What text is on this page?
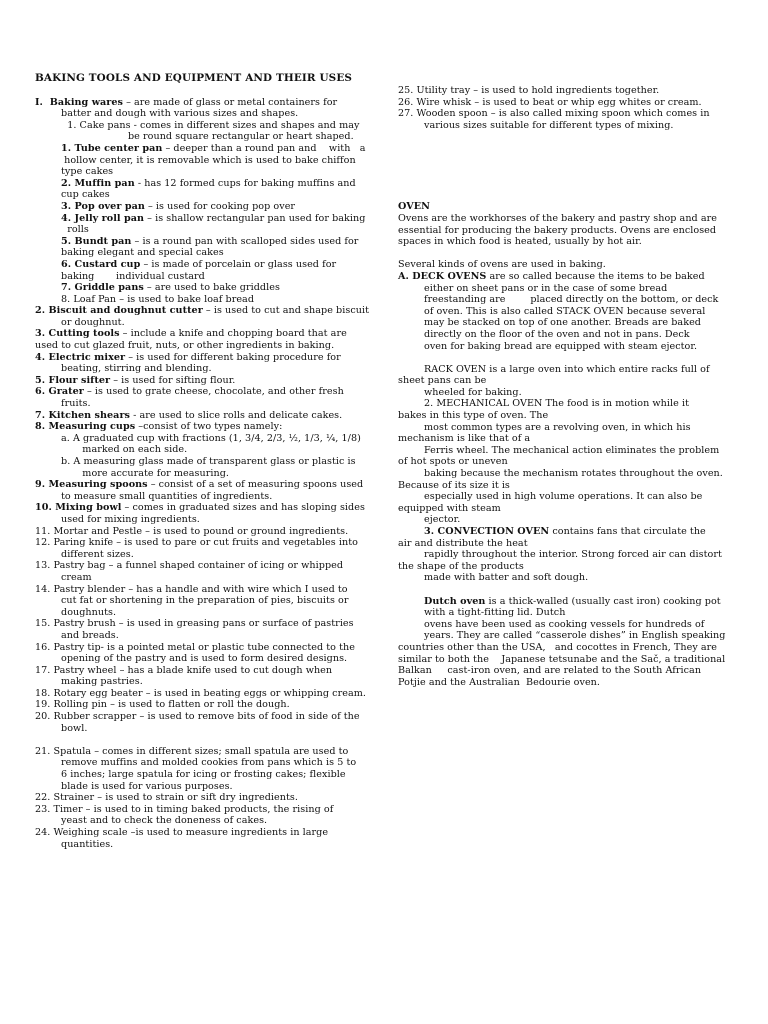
BAKING TOOLS AND EQUIPMENT AND THEIR USES
I.  Baking wares – are made of glass or metal containers for
batter and dough with various sizes and shapes.
1. Cake pans - comes in different sizes and shapes and may
be round square rectangular or heart shaped.
1. Tube center pan – deeper than a round pan and    with   a
hollow center, it is removable which is used to bake chiffon
type cakes
2. Muffin pan - has 12 formed cups for baking muffins and
cup cakes
3. Pop over pan – is used for cooking pop over
4. Jelly roll pan – is shallow rectangular pan used for baking
rolls
5. Bundt pan – is a round pan with scalloped sides used for
baking elegant and special cakes
6. Custard cup – is made of porcelain or glass used for
baking       individual custard
7. Griddle pans – are used to bake griddles
8. Loaf Pan – is used to bake loaf bread
2. Biscuit and doughnut cutter – is used to cut and shape biscuit
or doughnut.
3. Cutting tools – include a knife and chopping board that are
used to cut glazed fruit, nuts, or other ingredients in baking.
4. Electric mixer – is used for different baking procedure for
beating, stirring and blending.
5. Flour sifter – is used for sifting flour.
6. Grater – is used to grate cheese, chocolate, and other fresh
fruits.
7. Kitchen shears - are used to slice rolls and delicate cakes.
8. Measuring cups –consist of two types namely:
a. A graduated cup with fractions (1, 3/4, 2/3, ½, 1/3, ¼, 1/8)
marked on each side.
b. A measuring glass made of transparent glass or plastic is
more accurate for measuring.
9. Measuring spoons – consist of a set of measuring spoons used
to measure small quantities of ingredients.
10. Mixing bowl – comes in graduated sizes and has sloping sides
used for mixing ingredients.
11. Mortar and Pestle – is used to pound or ground ingredients.
12. Paring knife – is used to pare or cut fruits and vegetables into
different sizes.
13. Pastry bag – a funnel shaped container of icing or whipped
cream
14. Pastry blender – has a handle and with wire which I used to
cut fat or shortening in the preparation of pies, biscuits or
doughnuts.
15. Pastry brush – is used in greasing pans or surface of pastries
and breads.
16. Pastry tip- is a pointed metal or plastic tube connected to the
opening of the pastry and is used to form desired designs.
17. Pastry wheel – has a blade knife used to cut dough when
making pastries.
18. Rotary egg beater – is used in beating eggs or whipping cream.
19. Rolling pin – is used to flatten or roll the dough.
20. Rubber scrapper – is used to remove bits of food in side of the
bowl.
21. Spatula – comes in different sizes; small spatula are used to
remove muffins and molded cookies from pans which is 5 to
6 inches; large spatula for icing or frosting cakes; flexible
blade is used for various purposes.
22. Strainer – is used to strain or sift dry ingredients.
23. Timer – is used to in timing baked products, the rising of
yeast and to check the doneness of cakes.
24. Weighing scale –is used to measure ingredients in large
quantities.
25. Utility tray – is used to hold ingredients together.
26. Wire whisk – is used to beat or whip egg whites or cream.
27. Wooden spoon – is also called mixing spoon which comes in
various sizes suitable for different types of mixing.
OVEN
Ovens are the workhorses of the bakery and pastry shop and are
essential for producing the bakery products. Ovens are enclosed
spaces in which food is heated, usually by hot air.
Several kinds of ovens are used in baking.
A. DECK OVENS are so called because the items to be baked
either on sheet pans or in the case of some bread
freestanding are        placed directly on the bottom, or deck
of oven. This is also called STACK OVEN because several
may be stacked on top of one another. Breads are baked
directly on the floor of the oven and not in pans. Deck
oven for baking bread are equipped with steam ejector.
RACK OVEN is a large oven into which entire racks full of
sheet pans can be
wheeled for baking.
2. MECHANICAL OVEN The food is in motion while it
bakes in this type of oven. The
most common types are a revolving oven, in which his
mechanism is like that of a
Ferris wheel. The mechanical action eliminates the problem
of hot spots or uneven
baking because the mechanism rotates throughout the oven.
Because of its size it is
especially used in high volume operations. It can also be
equipped with steam
ejector.
3. CONVECTION OVEN contains fans that circulate the
air and distribute the heat
rapidly throughout the interior. Strong forced air can distort
the shape of the products
made with batter and soft dough.
Dutch oven is a thick-walled (usually cast iron) cooking pot
with a tight-fitting lid. Dutch
ovens have been used as cooking vessels for hundreds of
years. They are called “casserole dishes” in English speaking
countries other than the USA,   and cocottes in French, They are
similar to both the    Japanese tetsunabe and the Sač, a traditional
Balkan     cast-iron oven, and are related to the South African
Potjie and the Australian  Bedourie oven.
